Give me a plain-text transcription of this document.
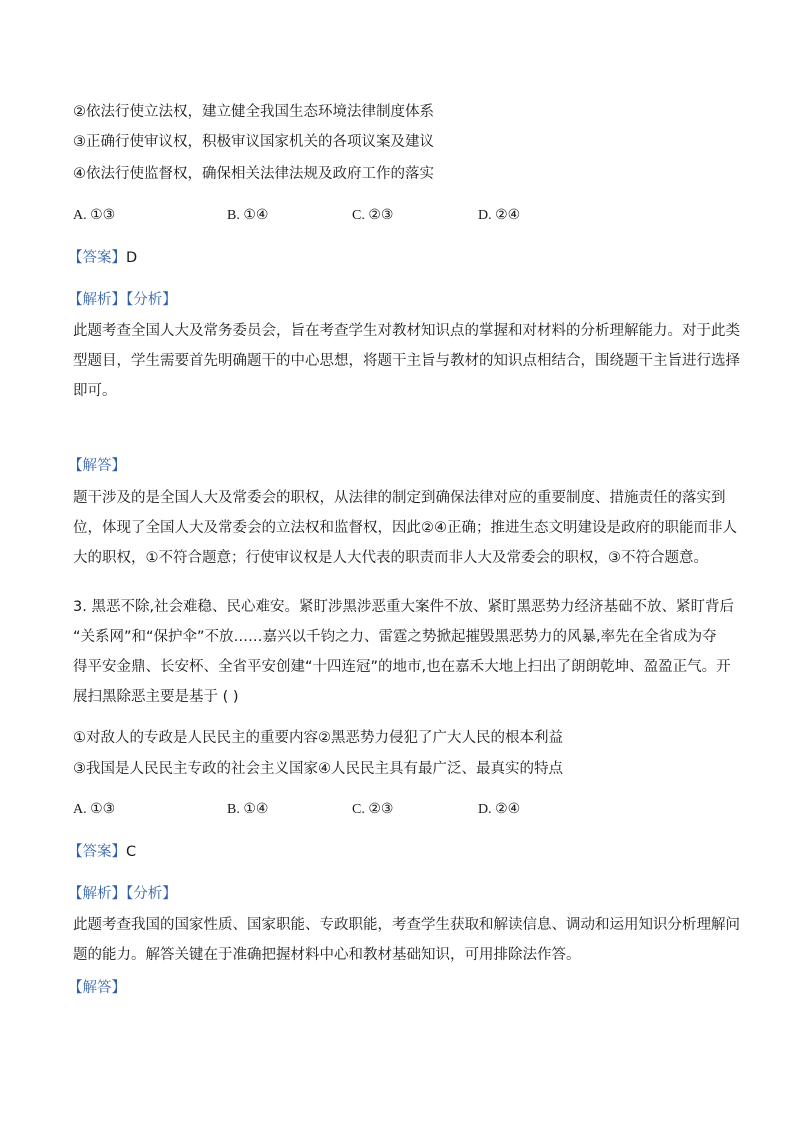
②依法行使立法权，建立健全我国生态环境法律制度体系
③正确行使审议权，积极审议国家机关的各项议案及建议
④依法行使监督权，确保相关法律法规及政府工作的落实
A. ①③	B. ①④	C. ②③	D. ②④
【答案】D
【解析】【分析】
此题考查全国人大及常务委员会，旨在考查学生对教材知识点的掌握和对材料的分析理解能力。对于此类
型题目，学生需要首先明确题干的中心思想，将题干主旨与教材的知识点相结合，围绕题干主旨进行选择
即可。
【解答】
题干涉及的是全国人大及常委会的职权，从法律的制定到确保法律对应的重要制度、措施责任的落实到
位，体现了全国人大及常委会的立法权和监督权，因此②④正确；推进生态文明建设是政府的职能而非人
大的职权，①不符合题意；行使审议权是人大代表的职责而非人大及常委会的职权，③不符合题意。
3. 黑恶不除,社会难稳、民心难安。紧盯涉黑涉恶重大案件不放、紧盯黑恶势力经济基础不放、紧盯背后
“关系网”和“保护伞”不放……嘉兴以千钧之力、雷霆之势掀起摧毁黑恶势力的风暴,率先在全省成为夺
得平安金鼎、长安杯、全省平安创建“十四连冠”的地市,也在嘉禾大地上扫出了朗朗乾坤、盈盈正气。开
展扫黑除恶主要是基于 ( )
①对敌人的专政是人民民主的重要内容②黑恶势力侵犯了广大人民的根本利益
③我国是人民民主专政的社会主义国家④人民民主具有最广泛、最真实的特点
A. ①③	B. ①④	C. ②③	D. ②④
【答案】C
【解析】【分析】
此题考查我国的国家性质、国家职能、专政职能，考查学生获取和解读信息、调动和运用知识分析理解问
题的能力。解答关键在于准确把握材料中心和教材基础知识，可用排除法作答。
【解答】
